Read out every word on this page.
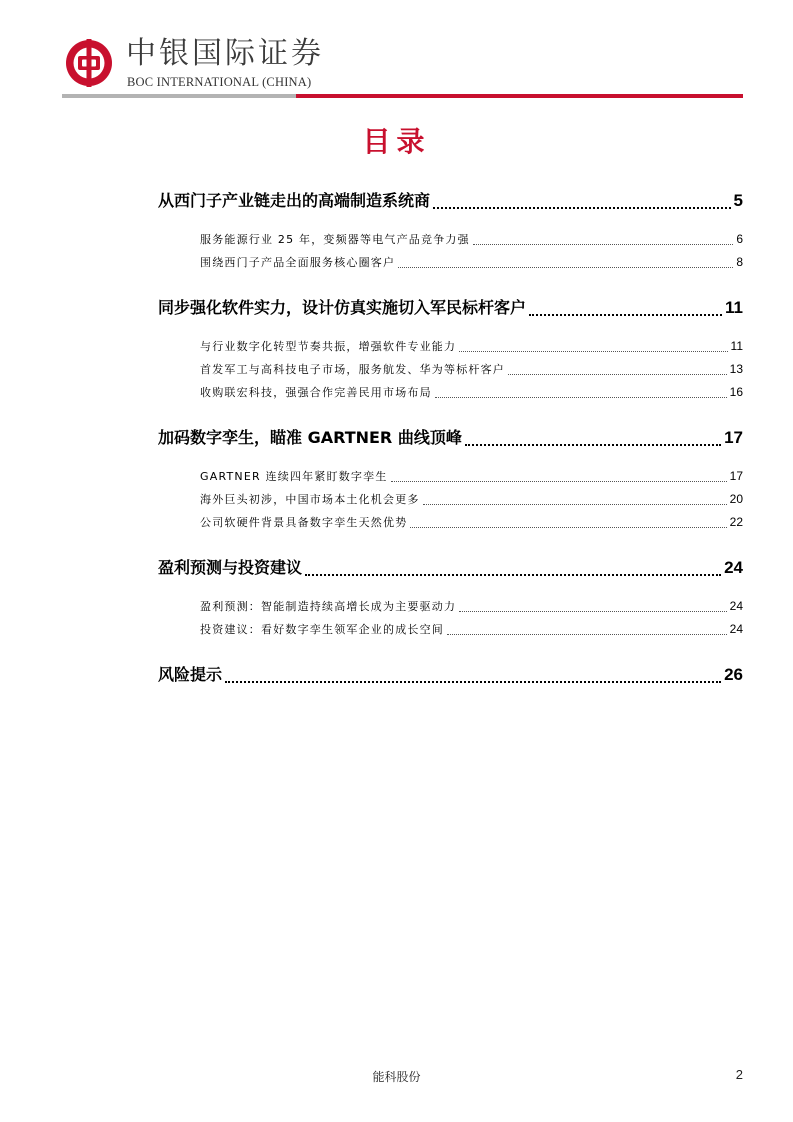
中银国际证券
BOC INTERNATIONAL (CHINA)
目录
从西门子产业链走出的高端制造系统商	5
服务能源行业 25 年，变频器等电气产品竞争力强	6
围绕西门子产品全面服务核心圈客户	8
同步强化软件实力，设计仿真实施切入军民标杆客户	11
与行业数字化转型节奏共振，增强软件专业能力	11
首发军工与高科技电子市场，服务航发、华为等标杆客户	13
收购联宏科技，强强合作完善民用市场布局	16
加码数字孪生，瞄准 GARTNER 曲线顶峰	17
GARTNER 连续四年紧盯数字孪生	17
海外巨头初涉，中国市场本土化机会更多	20
公司软硬件背景具备数字孪生天然优势	22
盈利预测与投资建议	24
盈利预测：智能制造持续高增长成为主要驱动力	24
投资建议：看好数字孪生领军企业的成长空间	24
风险提示	26
能科股份	2
